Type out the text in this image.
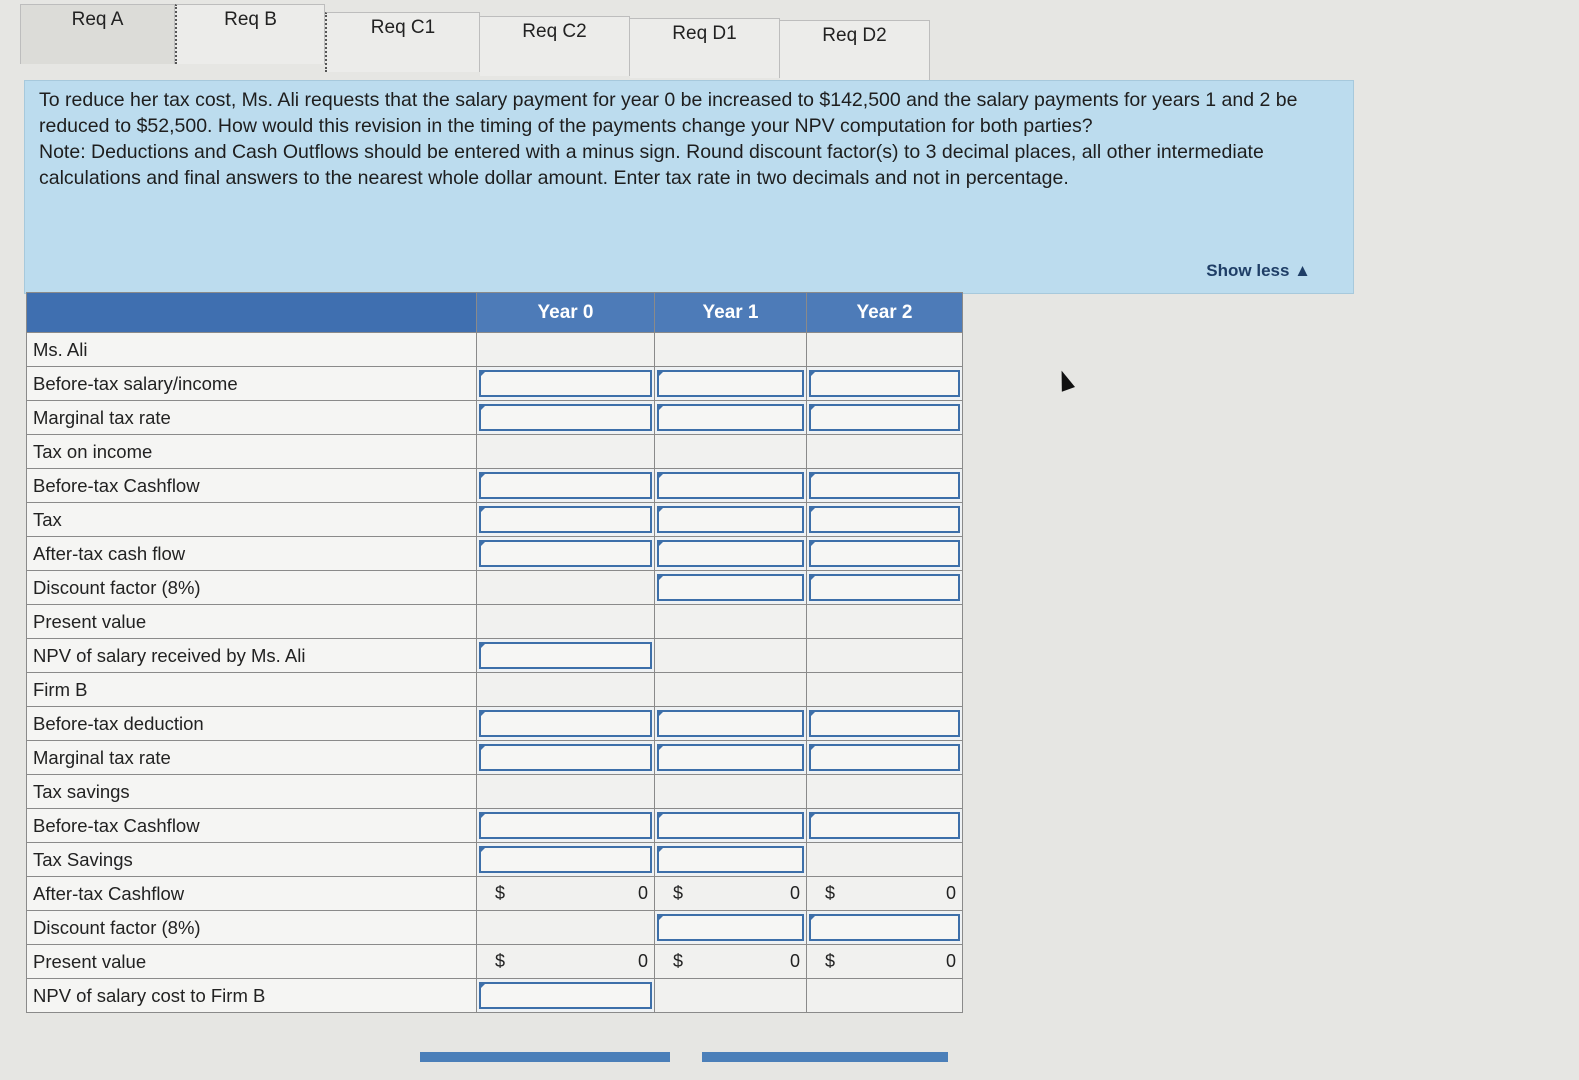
Req A	Req B	Req C1	Req C2	Req D1	Req D2

To reduce her tax cost, Ms. Ali requests that the salary payment for year 0 be increased to $142,500 and the salary payments for years 1 and 2 be reduced to $52,500. How would this revision in the timing of the payments change your NPV computation for both parties?

Note: Deductions and Cash Outflows should be entered with a minus sign. Round discount factor(s) to 3 decimal places, all other intermediate calculations and final answers to the nearest whole dollar amount. Enter tax rate in two decimals and not in percentage.

Show less ▲
	Year 0	Year 1	Year 2
Ms. Ali			
Before-tax salary/income	

Marginal tax rate	

Tax on income			
Before-tax Cashflow	

Tax	

After-tax cash flow	

Discount factor (8%)		

Present value			
NPV of salary received by Ms. Ali	

Firm B			
Before-tax deduction	

Marginal tax rate	

Tax savings			
Before-tax Cashflow	

Tax Savings	

After-tax Cashflow	$ 0	$ 0	$ 0

Discount factor (8%)		

Present value	$ 0	$ 0	$ 0

NPV of salary cost to Firm B	
